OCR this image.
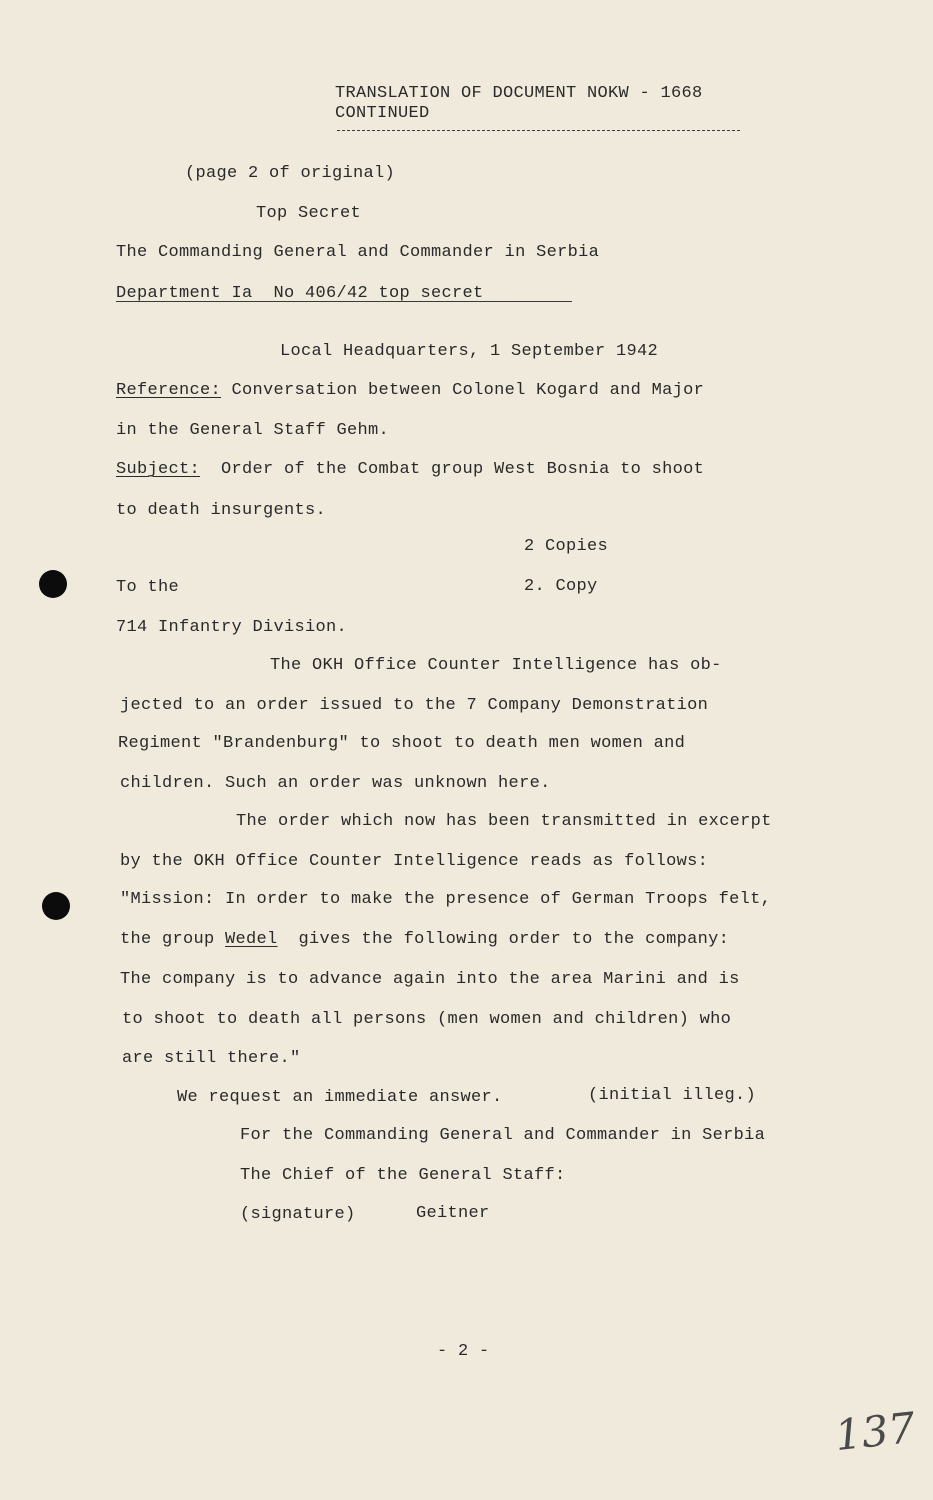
TRANSLATION OF DOCUMENT NOKW - 1668
CONTINUED
(page 2 of original)
Top Secret
The Commanding General and Commander in Serbia
Department Ia  No 406/42 top secret
Local Headquarters, 1 September 1942
Reference: Conversation between Colonel Kogard and Major
in the General Staff Gehm.
Subject:  Order of the Combat group West Bosnia to shoot
to death insurgents.
2 Copies
To the	2. Copy
714 Infantry Division.
The OKH Office Counter Intelligence has ob-
jected to an order issued to the 7 Company Demonstration
Regiment "Brandenburg" to shoot to death men women and
children. Such an order was unknown here.
The order which now has been transmitted in excerpt
by the OKH Office Counter Intelligence reads as follows:
"Mission: In order to make the presence of German Troops felt,
the group Wedel  gives the following order to the company:
The company is to advance again into the area Marini and is
to shoot to death all persons (men women and children) who
are still there."
We request an immediate answer.	(initial illeg.)
For the Commanding General and Commander in Serbia
The Chief of the General Staff:
(signature)	Geitner
- 2 -
137
